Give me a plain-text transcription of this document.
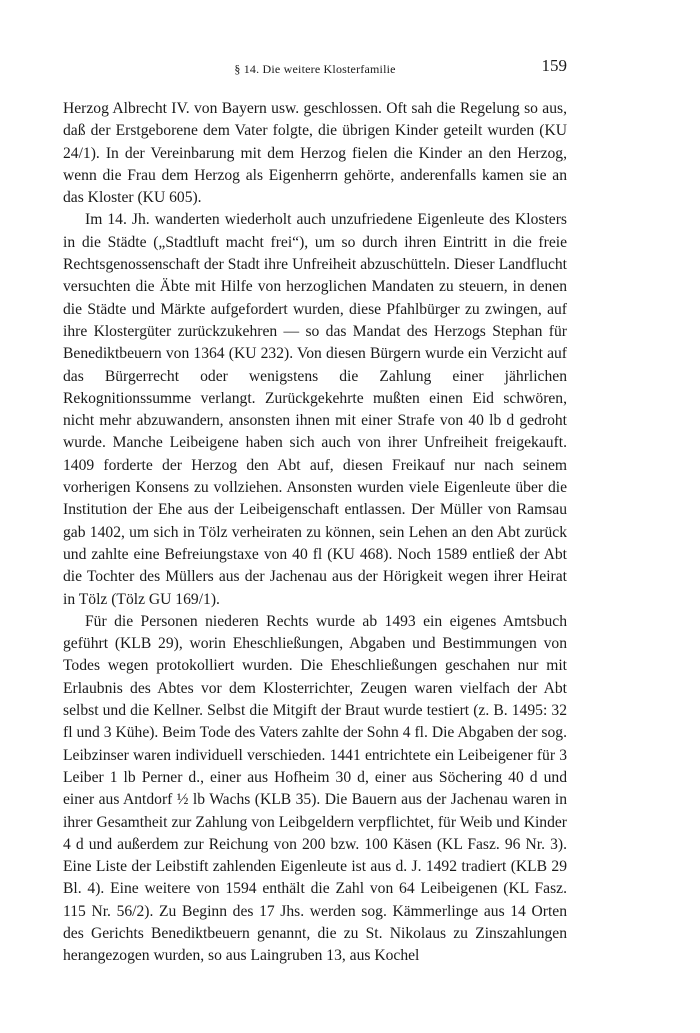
§ 14. Die weitere Klosterfamilie	159

Herzog Albrecht IV. von Bayern usw. geschlossen. Oft sah die Regelung so aus, daß der Erstgeborene dem Vater folgte, die übrigen Kinder geteilt wurden (KU 24/1). In der Vereinbarung mit dem Herzog fielen die Kinder an den Herzog, wenn die Frau dem Herzog als Eigenherrn gehörte, anderenfalls kamen sie an das Kloster (KU 605).

Im 14. Jh. wanderten wiederholt auch unzufriedene Eigenleute des Klosters in die Städte („Stadtluft macht frei“), um so durch ihren Eintritt in die freie Rechtsgenossenschaft der Stadt ihre Unfreiheit abzuschütteln. Dieser Landflucht versuchten die Äbte mit Hilfe von herzoglichen Mandaten zu steuern, in denen die Städte und Märkte aufgefordert wurden, diese Pfahlbürger zu zwingen, auf ihre Klostergüter zurückzukehren — so das Mandat des Herzogs Stephan für Benediktbeuern von 1364 (KU 232). Von diesen Bürgern wurde ein Verzicht auf das Bürgerrecht oder wenigstens die Zahlung einer jährlichen Rekognitionssumme verlangt. Zurückgekehrte mußten einen Eid schwören, nicht mehr abzuwandern, ansonsten ihnen mit einer Strafe von 40 lb d gedroht wurde. Manche Leibeigene haben sich auch von ihrer Unfreiheit freigekauft. 1409 forderte der Herzog den Abt auf, diesen Freikauf nur nach seinem vorherigen Konsens zu vollziehen. Ansonsten wurden viele Eigenleute über die Institution der Ehe aus der Leibeigenschaft entlassen. Der Müller von Ramsau gab 1402, um sich in Tölz verheiraten zu können, sein Lehen an den Abt zurück und zahlte eine Befreiungstaxe von 40 fl (KU 468). Noch 1589 entließ der Abt die Tochter des Müllers aus der Jachenau aus der Hörigkeit wegen ihrer Heirat in Tölz (Tölz GU 169/1).

Für die Personen niederen Rechts wurde ab 1493 ein eigenes Amtsbuch geführt (KLB 29), worin Eheschließungen, Abgaben und Bestimmungen von Todes wegen protokolliert wurden. Die Eheschließungen geschahen nur mit Erlaubnis des Abtes vor dem Klosterrichter, Zeugen waren vielfach der Abt selbst und die Kellner. Selbst die Mitgift der Braut wurde testiert (z. B. 1495: 32 fl und 3 Kühe). Beim Tode des Vaters zahlte der Sohn 4 fl. Die Abgaben der sog. Leibzinser waren individuell verschieden. 1441 entrichtete ein Leibeigener für 3 Leiber 1 lb Perner d., einer aus Hofheim 30 d, einer aus Söchering 40 d und einer aus Antdorf ½ lb Wachs (KLB 35). Die Bauern aus der Jachenau waren in ihrer Gesamtheit zur Zahlung von Leibgeldern verpflichtet, für Weib und Kinder 4 d und außerdem zur Reichung von 200 bzw. 100 Käsen (KL Fasz. 96 Nr. 3). Eine Liste der Leibstift zahlenden Eigenleute ist aus d. J. 1492 tradiert (KLB 29 Bl. 4). Eine weitere von 1594 enthält die Zahl von 64 Leibeigenen (KL Fasz. 115 Nr. 56/2). Zu Beginn des 17 Jhs. werden sog. Kämmerlinge aus 14 Orten des Gerichts Benediktbeuern genannt, die zu St. Nikolaus zu Zinszahlungen herangezogen wurden, so aus Laingruben 13, aus Kochel
